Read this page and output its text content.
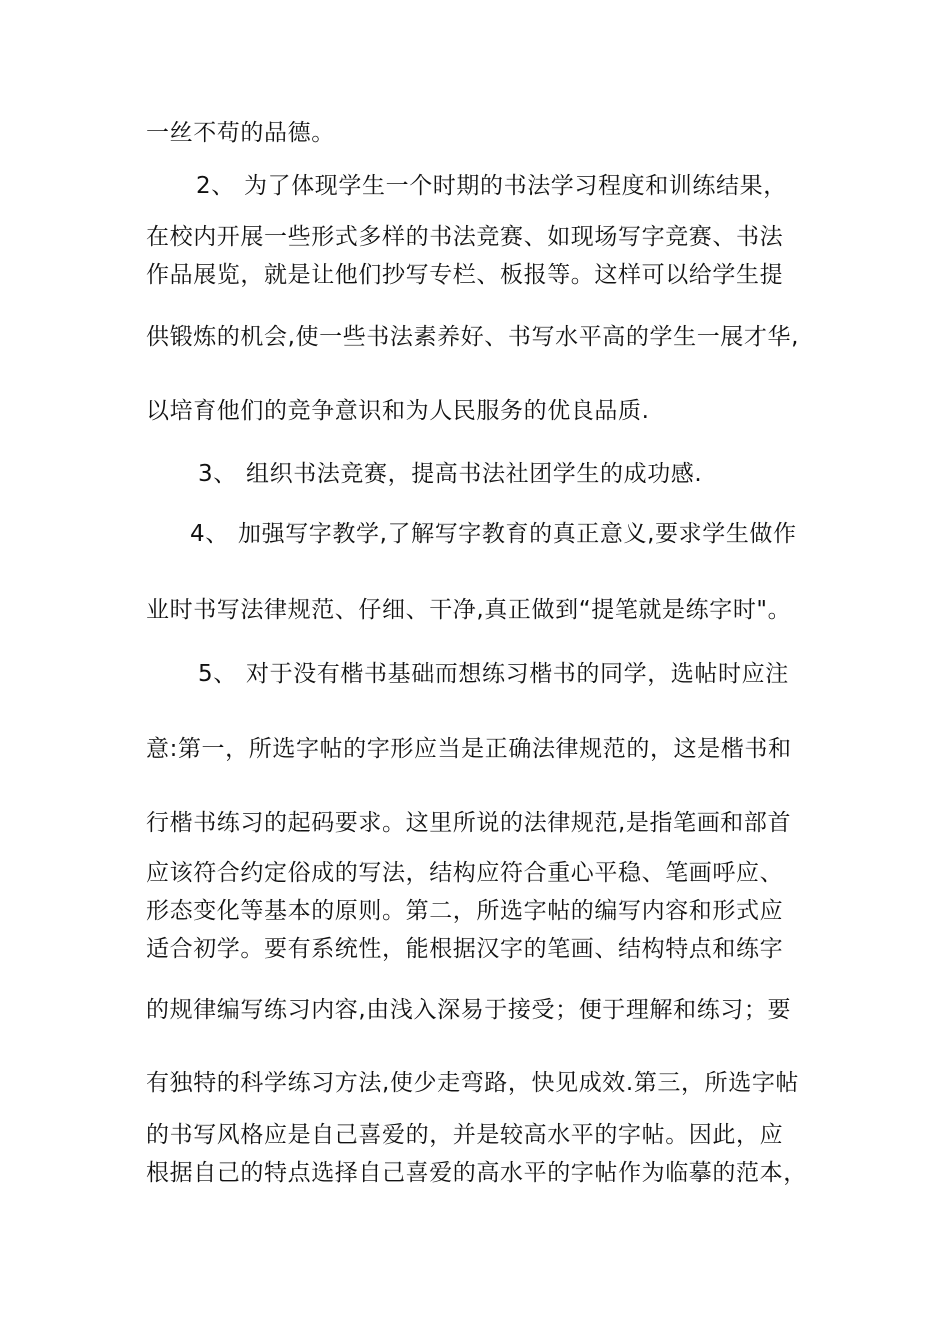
一丝不苟的品德。
2、 为了体现学生一个时期的书法学习程度和训练结果，
在校内开展一些形式多样的书法竞赛、如现场写字竞赛、书法
作品展览，就是让他们抄写专栏、板报等。这样可以给学生提
供锻炼的机会,使一些书法素养好、书写水平高的学生一展才华,
以培育他们的竞争意识和为人民服务的优良品质.
3、 组织书法竞赛，提高书法社团学生的成功感.
4、 加强写字教学,了解写字教育的真正意义,要求学生做作
业时书写法律规范、仔细、干净,真正做到“提笔就是练字时"。
5、 对于没有楷书基础而想练习楷书的同学，选帖时应注
意:第一，所选字帖的字形应当是正确法律规范的，这是楷书和
行楷书练习的起码要求。这里所说的法律规范,是指笔画和部首
应该符合约定俗成的写法，结构应符合重心平稳、笔画呼应、
形态变化等基本的原则。第二，所选字帖的编写内容和形式应
适合初学。要有系统性，能根据汉字的笔画、结构特点和练字
的规律编写练习内容,由浅入深易于接受；便于理解和练习；要
有独特的科学练习方法,使少走弯路，快见成效.第三，所选字帖
的书写风格应是自己喜爱的，并是较高水平的字帖。因此，应
根据自己的特点选择自己喜爱的高水平的字帖作为临摹的范本，
